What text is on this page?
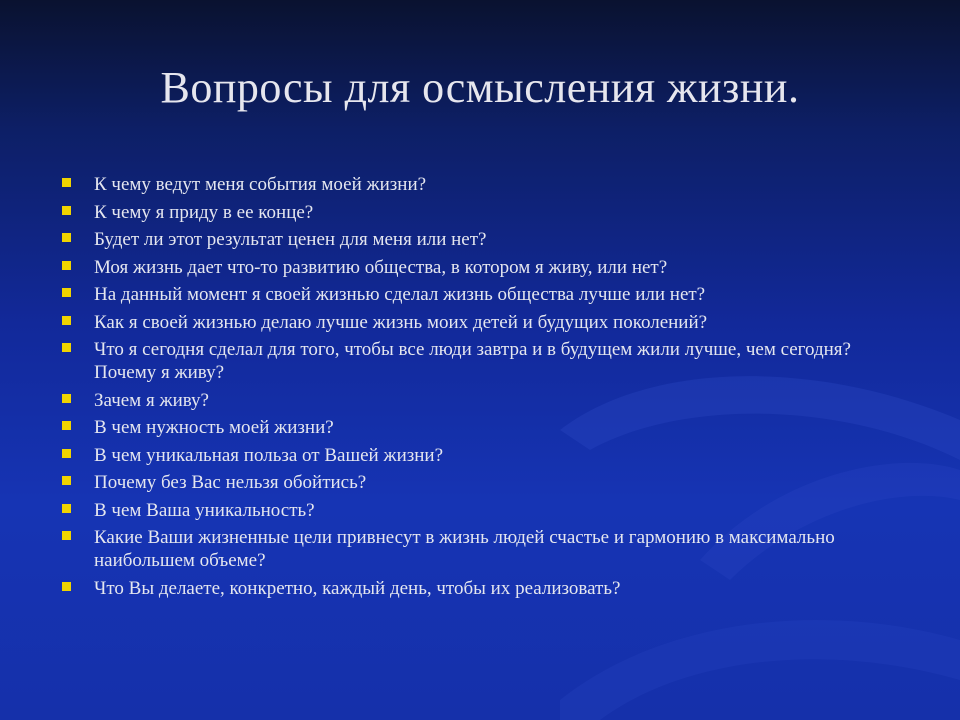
Вопросы для осмысления жизни.
К чему ведут меня события моей жизни?
К чему я приду в ее конце?
Будет ли этот результат ценен для меня или нет?
Моя жизнь дает что-то развитию общества, в котором я живу, или нет?
На данный момент я своей жизнью сделал жизнь общества лучше или нет?
Как я своей жизнью делаю лучше жизнь моих детей и будущих поколений?
Что я сегодня сделал для того, чтобы все люди завтра и в будущем жили лучше, чем сегодня? Почему я живу?
Зачем я живу?
В чем нужность моей жизни?
В чем уникальная польза от Вашей жизни?
Почему без Вас нельзя обойтись?
В чем Ваша уникальность?
Какие Ваши жизненные цели привнесут в жизнь людей счастье и гармонию в максимально наибольшем объеме?
Что Вы делаете, конкретно, каждый день, чтобы их реализовать?
